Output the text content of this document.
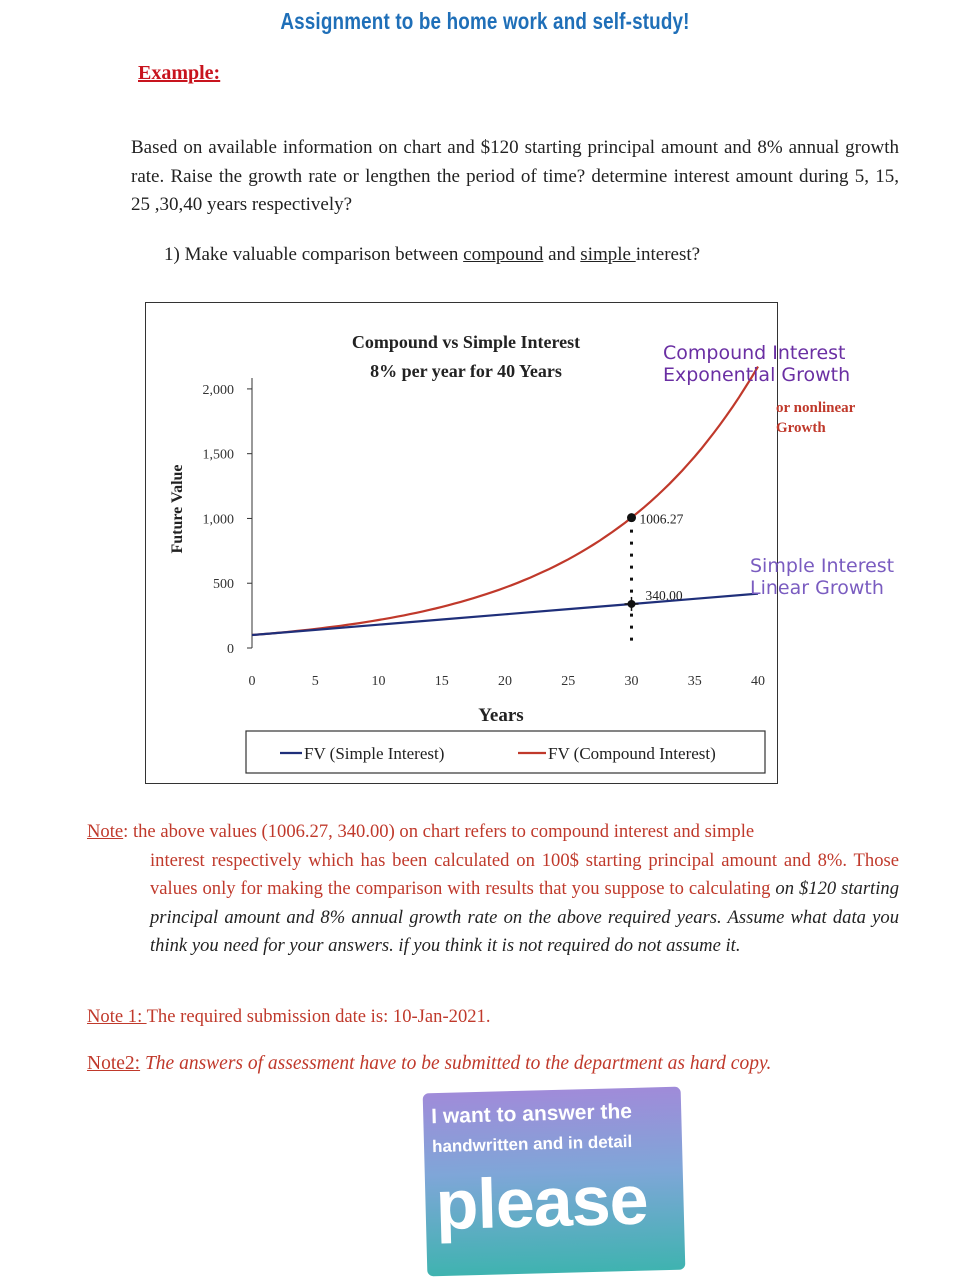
Assignment to be home work and self-study!
Example:
Based on available information on chart and $120 starting principal amount and 8% annual growth rate. Raise the growth rate or lengthen the period of time? determine interest amount during 5, 15, 25 ,30,40 years respectively?
1) Make valuable comparison between compound and simple interest?
0
500
1,000
1,500
2,000
0	5	10	15	20	25	30	35	40
1006.27
340.00
Compound vs Simple Interest
8% per year for 40 Years
Compound Interest
Exponential Growth
or nonlinear
Growth
Simple Interest
Linear Growth
Years
Future Value
FV (Simple Interest)	FV (Compound Interest)
Note: the above values (1006.27, 340.00) on chart refers to compound interest and simple
interest respectively which has been calculated on 100$ starting principal amount and 8%. Those values only for making the comparison with results that you suppose to calculating on $120 starting principal amount and 8% annual growth rate on the above required years. Assume what data you think you need for your answers. if you think it is not required do not assume it.
Note 1: The required submission date is: 10-Jan-2021.
Note2: The answers of assessment have to be submitted to the department as hard copy.
I want to answer the
handwritten and in detail
please
